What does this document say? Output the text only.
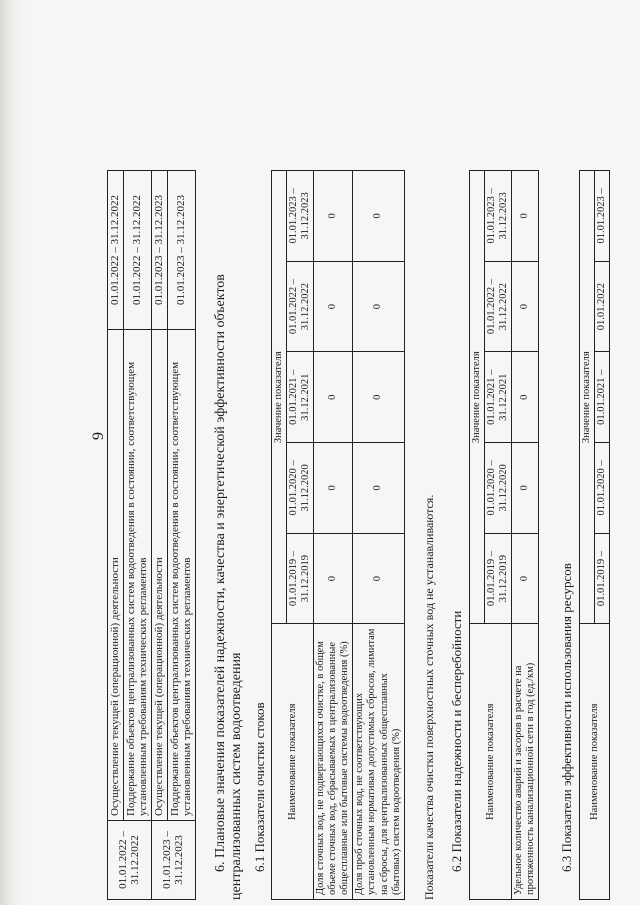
9
01.01.2022 – 31.12.2022	Осуществление текущей (операционной) деятельности	01.01.2022 – 31.12.2022
	Поддержание объектов централизованных систем водоотведения в состоянии, соответствующем установленным требованиям технических регламентов	01.01.2022 – 31.12.2022
01.01.2023 – 31.12.2023	Осуществление текущей (операционной) деятельности	01.01.2023 – 31.12.2023
	Поддержание объектов централизованных систем водоотведения в состоянии, соответствующем установленным требованиям технических регламентов	01.01.2023 – 31.12.2023
6. Плановые значения показателей надежности, качества и энергетической эффективности объектов централизованных систем водоотведения 6.1 Показатели очистки стоков Наименование показателя	Значение показателя				
	01.01.2019 – 31.12.2019	01.01.2020 – 31.12.2020	01.01.2021 – 31.12.2021	01.01.2022 – 31.12.2022	01.01.2023 – 31.12.2023
Доля сточных вод, не подвергающихся очистке, в общем объеме сточных вод, сбрасываемых в централизованные общесплавные или бытовые системы водоотведения (%)	0	0	0	0	0
Доля проб сточных вод, не соответствующих установленным нормативам допустимых сбросов, лимитам на сбросы, для централизованных общесплавных (бытовых) систем водоотведения (%)	0	0	0	0	0
Показатели качества очистки поверхностных сточных вод не устанавливаются. 6.2 Показатели надежности и бесперебойности Наименование показателя	Значение показателя				
	01.01.2019 – 31.12.2019	01.01.2020 – 31.12.2020	01.01.2021 – 31.12.2021	01.01.2022 – 31.12.2022	01.01.2023 – 31.12.2023
Удельное количество аварий и засоров в расчете на протяженность канализационной сети в год (ед./км)	0	0	0	0	0
6.3 Показатели эффективности использования ресурсов Наименование показателя	Значение показателя				
	01.01.2019 –	01.01.2020 –	01.01.2021 –	01.01.2022	01.01.2023 –
